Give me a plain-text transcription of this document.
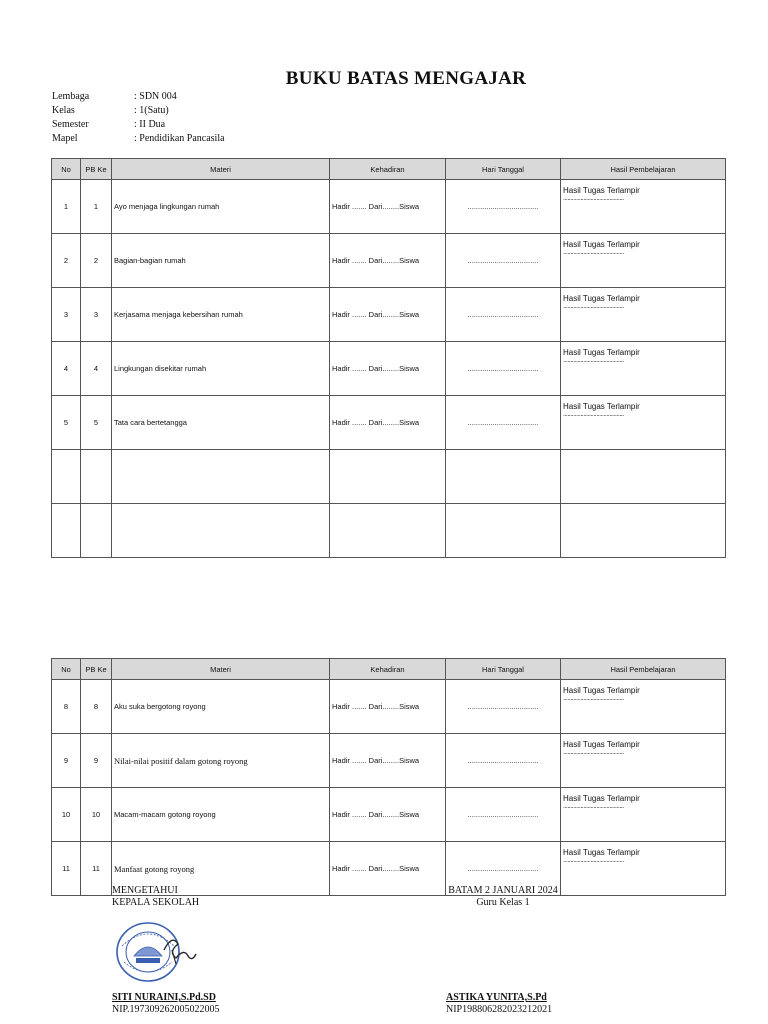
BUKU BATAS MENGAJAR
Lembaga	: SDN 004
Kelas	: 1(Satu)
Semester	: II Dua
Mapel	: Pendidikan Pancasila
No	PB Ke	Materi	Kehadiran	Hari Tanggal	Hasil Pembelajaran
1	1	Ayo menjaga lingkungan rumah	Hadir ....... Dari........Siswa	..................................	Hasil Tugas Terlampir
..........................................

2	2	Bagian-bagian rumah	Hadir ....... Dari........Siswa	..................................	Hasil Tugas Terlampir
..........................................

3	3	Kerjasama menjaga kebersihan rumah	Hadir ....... Dari........Siswa	..................................	Hasil Tugas Terlampir
..........................................

4	4	Lingkungan disekitar rumah	Hadir ....... Dari........Siswa	..................................	Hasil Tugas Terlampir
..........................................

5	5	Tata cara bertetangga	Hadir ....... Dari........Siswa	..................................	Hasil Tugas Terlampir
..........................................

No	PB Ke	Materi	Kehadiran	Hari Tanggal	Hasil Pembelajaran
8	8	Aku suka bergotong royong	Hadir ....... Dari........Siswa	..................................	Hasil Tugas Terlampir
..........................................

9	9	Nilai-nilai positif dalam gotong royong	Hadir ....... Dari........Siswa	..................................	Hasil Tugas Terlampir
..........................................

10	10	Macam-macam gotong royong	Hadir ....... Dari........Siswa	..................................	Hasil Tugas Terlampir
..........................................

11	11	Manfaat gotong royong	Hadir ....... Dari........Siswa	..................................	Hasil Tugas Terlampir
..........................................
MENGETAHUI
KEPALA SEKOLAH
SITI NURAINI,S.Pd.SD
NIP.197309262005022005
BATAM 2 JANUARI 2024
Guru Kelas 1
ASTIKA YUNITA,S.Pd
NIP198806282023212021
